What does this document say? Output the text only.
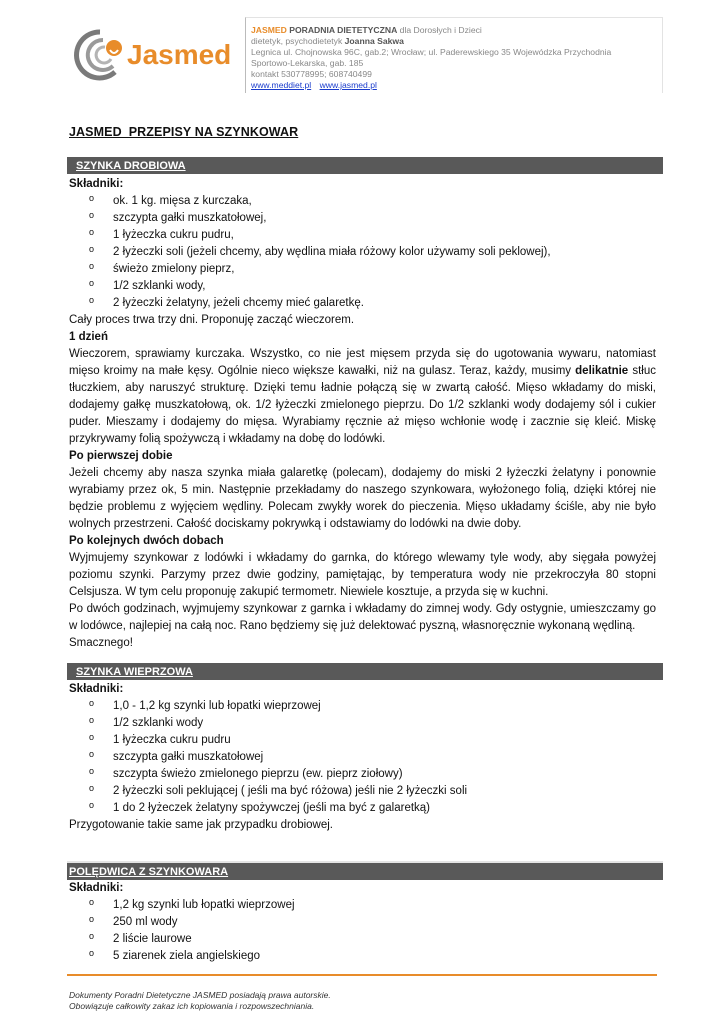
Jasmed
JASMED PORADNIA DIETETYCZNA dla Dorosłych i Dzieci
dietetyk, psychodietetyk Joanna Sakwa
Legnica ul. Chojnowska 96C, gab.2; Wrocław; ul. Paderewskiego 35 Wojewódzka Przychodnia
Sportowo-Lekarska, gab. 185
kontakt 530778995; 608740499
www.meddiet.pl www.jasmed.pl
JASMED_PRZEPISY NA SZYNKOWAR
SZYNKA DROBIOWA
Składniki:
o ok. 1 kg. mięsa z kurczaka,
o szczypta gałki muszkatołowej,
o 1 łyżeczka cukru pudru,
o 2 łyżeczki soli (jeżeli chcemy, aby wędlina miała różowy kolor używamy soli peklowej),
o świeżo zmielony pieprz,
o 1/2 szklanki wody,
o 2 łyżeczki żelatyny, jeżeli chcemy mieć galaretkę.

Cały proces trwa trzy dni. Proponuję zacząć wieczorem.

1 dzień

Wieczorem, sprawiamy kurczaka. Wszystko, co nie jest mięsem przyda się do ugotowania wywaru, natomiast mięso kroimy na małe kęsy. Ogólnie nieco większe kawałki, niż na gulasz. Teraz, każdy, musimy delikatnie stłuc tłuczkiem, aby naruszyć strukturę. Dzięki temu ładnie połączą się w zwartą całość. Mięso wkładamy do miski, dodajemy gałkę muszkatołową, ok. 1/2 łyżeczki zmielonego pieprzu. Do 1/2 szklanki wody dodajemy sól i cukier puder. Mieszamy i dodajemy do mięsa. Wyrabiamy ręcznie aż mięso wchłonie wodę i zacznie się kleić. Miskę przykrywamy folią spożywczą i wkładamy na dobę do lodówki.

Po pierwszej dobie

Jeżeli chcemy aby nasza szynka miała galaretkę (polecam), dodajemy do miski 2 łyżeczki żelatyny i ponownie wyrabiamy przez ok, 5 min. Następnie przekładamy do naszego szynkowara, wyłożonego folią, dzięki której nie będzie problemu z wyjęciem wędliny. Polecam zwykły worek do pieczenia. Mięso układamy ściśle, aby nie było wolnych przestrzeni. Całość dociskamy pokrywką i odstawiamy do lodówki na dwie doby.

Po kolejnych dwóch dobach

Wyjmujemy szynkowar z lodówki i wkładamy do garnka, do którego wlewamy tyle wody, aby sięgała powyżej poziomu szynki. Parzymy przez dwie godziny, pamiętając, by temperatura wody nie przekroczyła 80 stopni Celsjusza. W tym celu proponuję zakupić termometr. Niewiele kosztuje, a przyda się w kuchni.

Po dwóch godzinach, wyjmujemy szynkowar z garnka i wkładamy do zimnej wody. Gdy ostygnie, umieszczamy go w lodówce, najlepiej na całą noc. Rano będziemy się już delektować pyszną, własnoręcznie wykonaną wędliną.

Smacznego!

SZYNKA WIEPRZOWA
Składniki:
o 1,0 - 1,2 kg szynki lub łopatki wieprzowej
o 1/2 szklanki wody
o 1 łyżeczka cukru pudru
o szczypta gałki muszkatołowej
o szczypta świeżo zmielonego pieprzu (ew. pieprz ziołowy)
o 2 łyżeczki soli peklującej ( jeśli ma być różowa) jeśli nie 2 łyżeczki soli
o 1 do 2 łyżeczek żelatyny spożywczej (jeśli ma być z galaretką)

Przygotowanie takie same jak przypadku drobiowej.

POLĘDWICA Z SZYNKOWARA
Składniki:
o 1,2 kg szynki lub łopatki wieprzowej
o 250 ml wody
o 2 liście laurowe
o 5 ziarenek ziela angielskiego
Dokumenty Poradni Dietetyczne JASMED posiadają prawa autorskie.
Obowiązuje całkowity zakaz ich kopiowania i rozpowszechniania.
